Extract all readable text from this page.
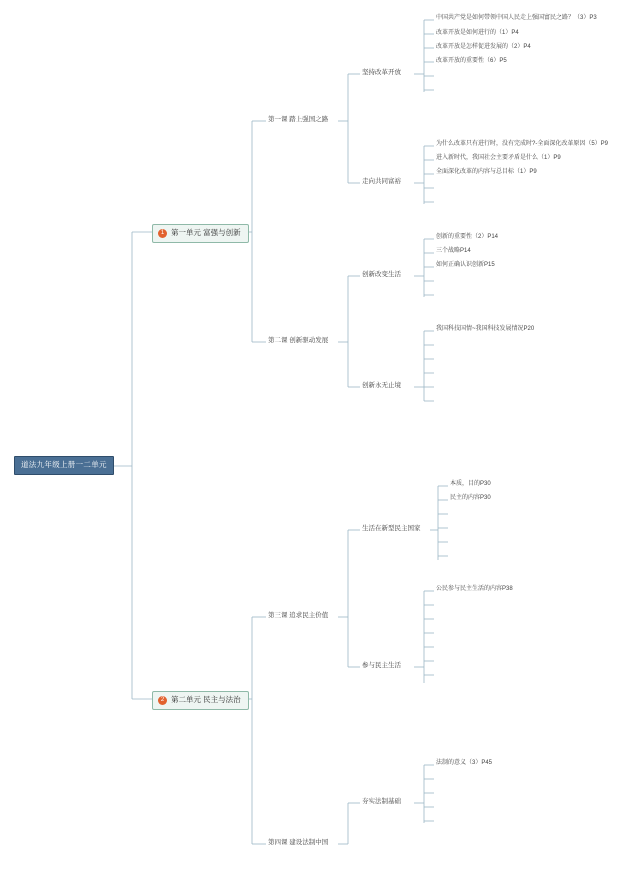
道法九年级上册一二单元
1 第一单元 富强与创新
2 第二单元 民主与法治
第一课 踏上强国之路
第二课 创新驱动发展
第三课 追求民主价值
第四课 建设法制中国
坚持改革开放
走向共同富裕
创新改变生活
创新永无止境
生活在新型民主国家
参与民主生活
夯实法制基础
中国共产党是如何带领中国人民走上强国富民之路？（3）P3
改革开放是如何进行的（1）P4
改革开放是怎样促进发展的（2）P4
改革开放的重要性（6）P5
为什么改革只有进行时，没有完成时?-全面深化改革原因（5）P9
进入新时代，我国社会主要矛盾是什么（1）P9
全面深化改革的内容与总目标（1）P9
创新的重要性（2）P14
三个战略P14
如何正确认识创新P15
我国科技国情~我国科技发展情况P20
本质，目的P30
民主的内容P30
公民参与民主生活的内容P38
法制的意义（3）P45
